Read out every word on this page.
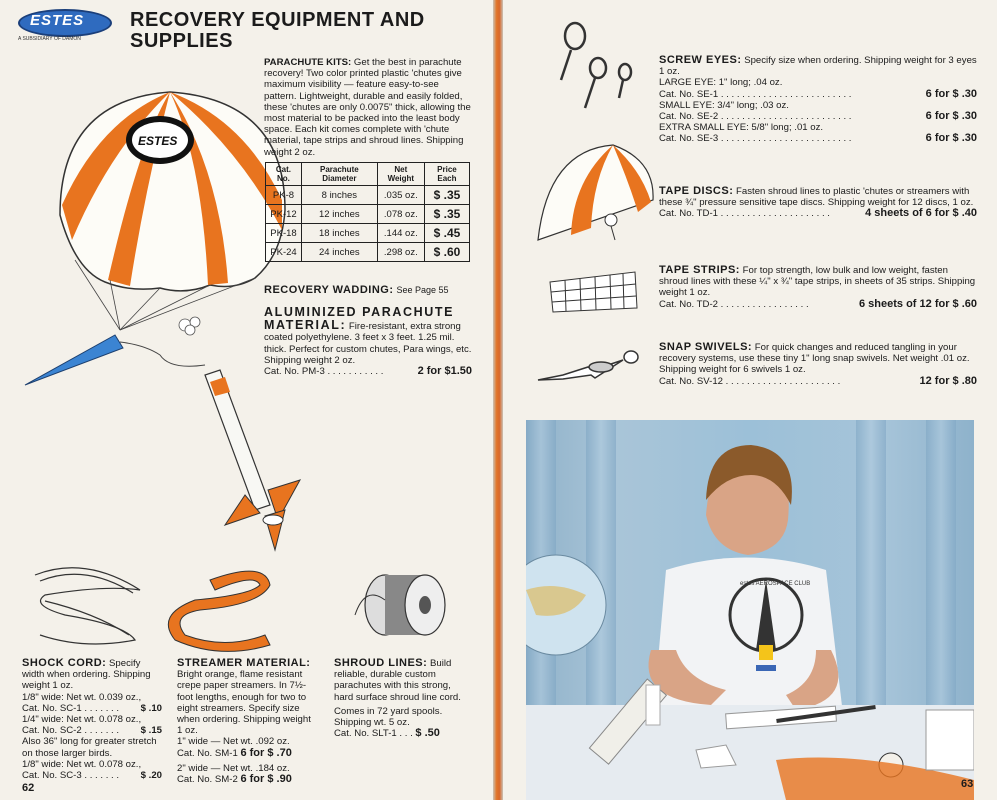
ESTES
A SUBSIDIARY OF DAMON
RECOVERY EQUIPMENT AND SUPPLIES
ESTES
PARACHUTE KITS: Get the best in parachute recovery! Two color printed plastic 'chutes give maximum visibility — feature easy-to-see pattern. Lightweight, durable and easily folded, these 'chutes are only 0.0075" thick, allowing the most material to be packed into the least body space. Each kit comes complete with 'chute material, tape strips and shroud lines. Shipping weight 2 oz.
Cat. No.	Parachute Diameter	Net Weight	Price Each
PK-8	8 inches	.035 oz.	$ .35
PK-12	12 inches	.078 oz.	$ .35
PK-18	18 inches	.144 oz.	$ .45
PK-24	24 inches	.298 oz.	$ .60
RECOVERY WADDING: See Page 55
ALUMINIZED PARACHUTE MATERIAL: Fire-resistant, extra strong coated polyethylene. 3 feet x 3 feet. 1.25 mil. thick. Perfect for custom chutes, Para wings, etc. Shipping weight 2 oz.
Cat. No. PM-3 . . . . . . . . . . .	2 for $1.50
SHOCK CORD: Specify width when ordering. Shipping weight 1 oz.
1/8" wide: Net wt. 0.039 oz.,
Cat. No. SC-1 . . . . . . . $ .10
1/4" wide: Net wt. 0.078 oz.,
Cat. No. SC-2 . . . . . . . $ .15
Also 36" long for greater stretch on those larger birds.
1/8" wide: Net wt. 0.078 oz.,
Cat. No. SC-3 . . . . . . . $ .20
STREAMER MATERIAL: Bright orange, flame resistant crepe paper streamers. In 7½-foot lengths, enough for two to eight streamers. Specify size when ordering. Shipping weight 1 oz.
1" wide — Net wt. .092 oz.
Cat. No. SM-1 6 for $ .70
2" wide — Net wt. .184 oz.
Cat. No. SM-2 6 for $ .90
SHROUD LINES: Build reliable, durable custom parachutes with this strong, hard surface shroud line cord.
Comes in 72 yard spools. Shipping wt. 5 oz.
Cat. No. SLT-1 . . . $ .50
62
SCREW EYES: Specify size when ordering. Shipping weight for 3 eyes 1 oz.
LARGE EYE: 1" long; .04 oz.
Cat. No. SE-1 . . . . . . . . . . . . . . . . . . . . . . . . .	6 for $ .30
SMALL EYE: 3/4" long; .03 oz.
Cat. No. SE-2 . . . . . . . . . . . . . . . . . . . . . . . . .	6 for $ .30
EXTRA SMALL EYE: 5/8" long; .01 oz.
Cat. No. SE-3 . . . . . . . . . . . . . . . . . . . . . . . . .	6 for $ .30
TAPE DISCS: Fasten shroud lines to plastic 'chutes or streamers with these ¾" pressure sensitive tape discs. Shipping weight for 12 discs, 1 oz.
Cat. No. TD-1 . . . . . . . . . . . . . . . . . . . . .	4 sheets of 6 for $ .40
TAPE STRIPS: For top strength, low bulk and low weight, fasten shroud lines with these ¼" x ¾" tape strips, in sheets of 35 strips. Shipping weight 1 oz.
Cat. No. TD-2 . . . . . . . . . . . . . . . . .	6 sheets of 12 for $ .60
SNAP SWIVELS: For quick changes and reduced tangling in your recovery systems, use these tiny 1" long snap swivels. Net weight .01 oz. Shipping weight for 6 swivels 1 oz.
Cat. No. SV-12 . . . . . . . . . . . . . . . . . . . . . .	12 for $ .80
estes AEROSPACE CLUB
63
